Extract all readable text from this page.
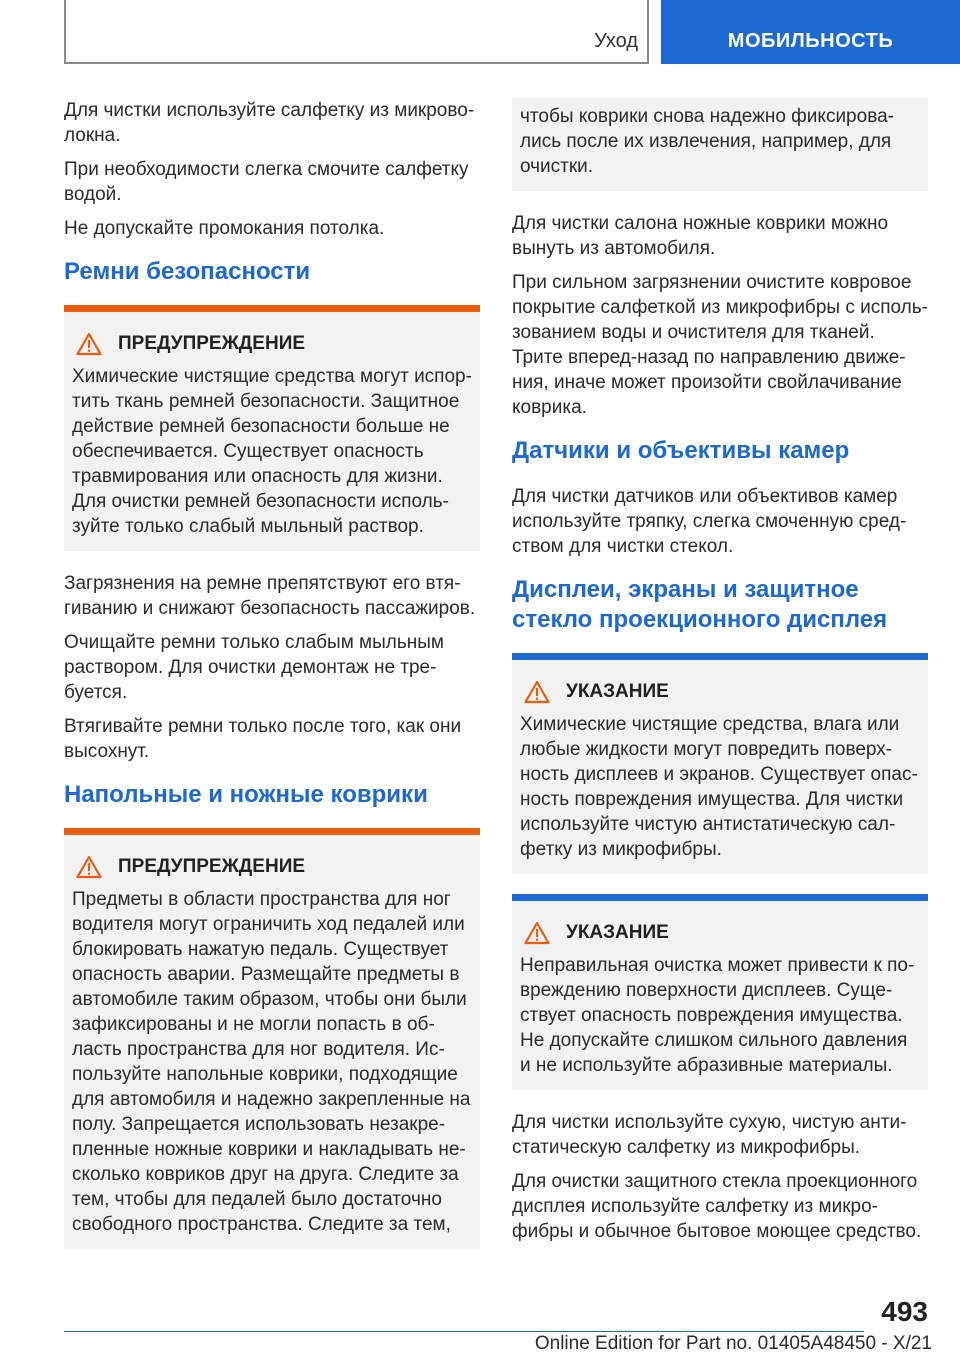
Уход	МОБИЛЬНОСТЬ

Для чистки используйте салфетку из микроволокна.

При необходимости слегка смочите салфетку водой.

Не допускайте промокания потолка.

Ремни безопасности
ПРЕДУПРЕЖДЕНИЕ

Химические чистящие средства могут испортить ткань ремней безопасности. Защитное действие ремней безопасности больше не обеспечивается. Существует опасность травмирования или опасность для жизни. Для очистки ремней безопасности используйте только слабый мыльный раствор.

Загрязнения на ремне препятствуют его втягиванию и снижают безопасность пассажиров.

Очищайте ремни только слабым мыльным раствором. Для очистки демонтаж не требуется.

Втягивайте ремни только после того, как они высохнут.

Напольные и ножные коврики
ПРЕДУПРЕЖДЕНИЕ

Предметы в области пространства для ног водителя могут ограничить ход педалей или блокировать нажатую педаль. Существует опасность аварии. Размещайте предметы в автомобиле таким образом, чтобы они были зафиксированы и не могли попасть в область пространства для ног водителя. Используйте напольные коврики, подходящие для автомобиля и надежно закрепленные на полу. Запрещается использовать незакрепленные ножные коврики и накладывать несколько ковриков друг на друга. Следите за тем, чтобы для педалей было достаточно свободного пространства. Следите за тем,

чтобы коврики снова надежно фиксировались после их извлечения, например, для очистки.

Для чистки салона ножные коврики можно вынуть из автомобиля.

При сильном загрязнении очистите ковровое покрытие салфеткой из микрофибры с использованием воды и очистителя для тканей. Трите вперед-назад по направлению движения, иначе может произойти свойлачивание коврика.

Датчики и объективы камер

Для чистки датчиков или объективов камер используйте тряпку, слегка смоченную средством для чистки стекол.

Дисплеи, экраны и защитное стекло проекционного дисплея
УКАЗАНИЕ

Химические чистящие средства, влага или любые жидкости могут повредить поверхность дисплеев и экранов. Существует опасность повреждения имущества. Для чистки используйте чистую антистатическую салфетку из микрофибры.

УКАЗАНИЕ

Неправильная очистка может привести к повреждению поверхности дисплеев. Существует опасность повреждения имущества. Не допускайте слишком сильного давления и не используйте абразивные материалы.

Для чистки используйте сухую, чистую антистатическую салфетку из микрофибры.

Для очистки защитного стекла проекционного дисплея используйте салфетку из микрофибры и обычное бытовое моющее средство.

493
Online Edition for Part no. 01405A48450 - X/21
